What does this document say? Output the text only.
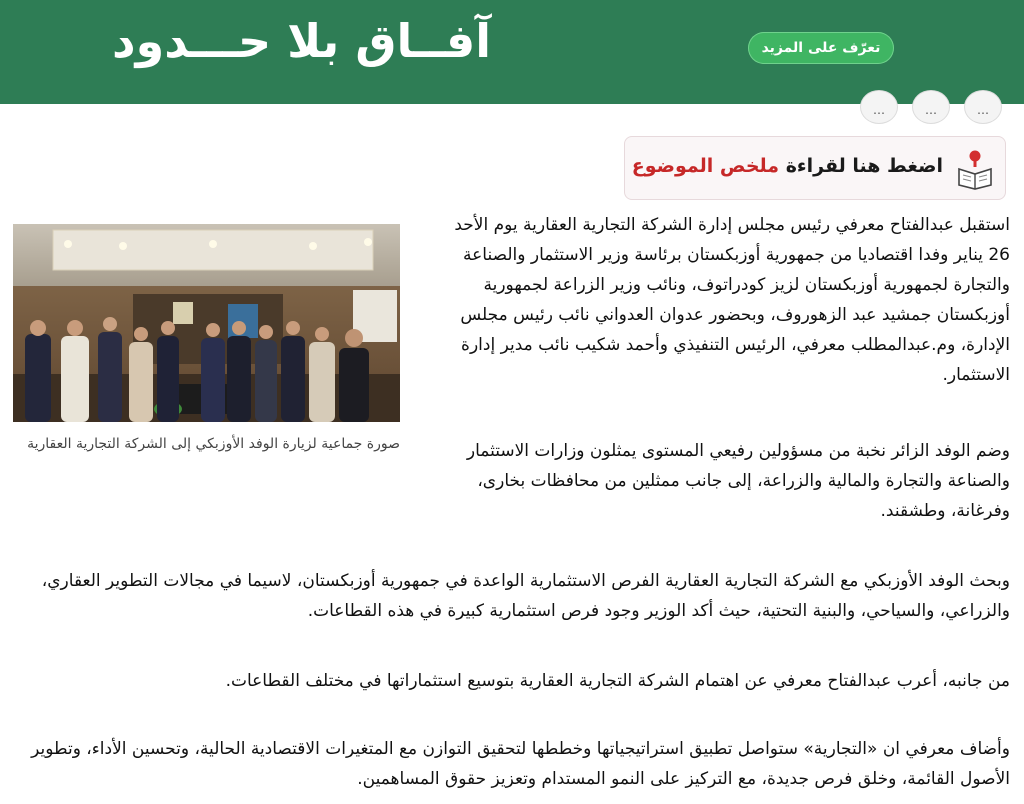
آفــاق بلا حـــدود	تعرّف على المزيد
⋯	⋯	⋯
اضغط هنا لقراءة ملخص الموضوع
صورة جماعية لزيارة الوفد الأوزبكي إلى الشركة التجارية العقارية

استقبل عبدالفتاح معرفي رئيس مجلس إدارة الشركة التجارية العقارية يوم الأحد 26 يناير وفدا اقتصاديا من جمهورية أوزبكستان برئاسة وزير الاستثمار والصناعة والتجارة لجمهورية أوزبكستان لزيز كودراتوف، ونائب وزير الزراعة لجمهورية أوزبكستان جمشيد عبد الزهوروف، وبحضور عدوان العدواني نائب رئيس مجلس الإدارة، وم.عبدالمطلب معرفي، الرئيس التنفيذي وأحمد شكيب نائب مدير إدارة الاستثمار.

وضم الوفد الزائر نخبة من مسؤولين رفيعي المستوى يمثلون وزارات الاستثمار والصناعة والتجارة والمالية والزراعة، إلى جانب ممثلين من محافظات بخارى، وفرغانة، وطشقند.

وبحث الوفد الأوزبكي مع الشركة التجارية العقارية الفرص الاستثمارية الواعدة في جمهورية أوزبكستان، لاسيما في مجالات التطوير العقاري، والزراعي، والسياحي، والبنية التحتية، حيث أكد الوزير وجود فرص استثمارية كبيرة في هذه القطاعات.

من جانبه، أعرب عبدالفتاح معرفي عن اهتمام الشركة التجارية العقارية بتوسيع استثماراتها في مختلف القطاعات.

وأضاف معرفي ان «التجارية» ستواصل تطبيق استراتيجياتها وخططها لتحقيق التوازن مع المتغيرات الاقتصادية الحالية، وتحسين الأداء، وتطوير الأصول القائمة، وخلق فرص جديدة، مع التركيز على النمو المستدام وتعزيز حقوق المساهمين.
